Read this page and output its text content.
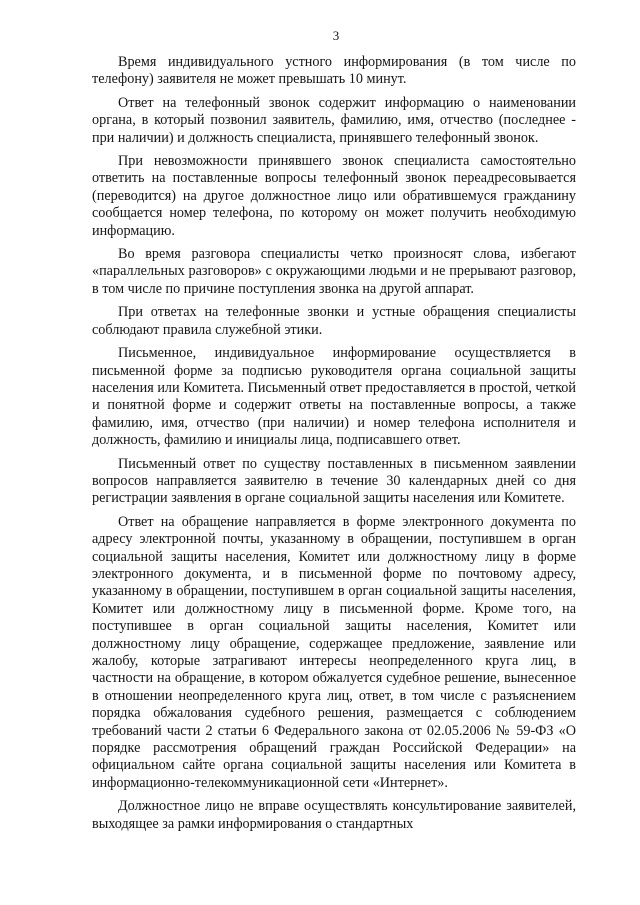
3

Время индивидуального устного информирования (в том числе по телефону) заявителя не может превышать 10 минут.

Ответ на телефонный звонок содержит информацию о наименовании органа, в который позвонил заявитель, фамилию, имя, отчество (последнее - при наличии) и должность специалиста, принявшего телефонный звонок.

При невозможности принявшего звонок специалиста самостоятельно ответить на поставленные вопросы телефонный звонок переадресовывается (переводится) на другое должностное лицо или обратившемуся гражданину сообщается номер телефона, по которому он может получить необходимую информацию.

Во время разговора специалисты четко произносят слова, избегают «параллельных разговоров» с окружающими людьми и не прерывают разговор, в том числе по причине поступления звонка на другой аппарат.

При ответах на телефонные звонки и устные обращения специалисты соблюдают правила служебной этики.

Письменное, индивидуальное информирование осуществляется в письменной форме за подписью руководителя органа социальной защиты населения или Комитета. Письменный ответ предоставляется в простой, четкой и понятной форме и содержит ответы на поставленные вопросы, а также фамилию, имя, отчество (при наличии) и номер телефона исполнителя и должность, фамилию и инициалы лица, подписавшего ответ.

Письменный ответ по существу поставленных в письменном заявлении вопросов направляется заявителю в течение 30 календарных дней со дня регистрации заявления в органе социальной защиты населения или Комитете.

Ответ на обращение направляется в форме электронного документа по адресу электронной почты, указанному в обращении, поступившем в орган социальной защиты населения, Комитет или должностному лицу в форме электронного документа, и в письменной форме по почтовому адресу, указанному в обращении, поступившем в орган социальной защиты населения, Комитет или должностному лицу в письменной форме. Кроме того, на поступившее в орган социальной защиты населения, Комитет или должностному лицу обращение, содержащее предложение, заявление или жалобу, которые затрагивают интересы неопределенного круга лиц, в частности на обращение, в котором обжалуется судебное решение, вынесенное в отношении неопределенного круга лиц, ответ, в том числе с разъяснением порядка обжалования судебного решения, размещается с соблюдением требований части 2 статьи 6 Федерального закона от 02.05.2006 № 59-ФЗ «О порядке рассмотрения обращений граждан Российской Федерации» на официальном сайте органа социальной защиты населения или Комитета в информационно-телекоммуникационной сети «Интернет».

Должностное лицо не вправе осуществлять консультирование заявителей, выходящее за рамки информирования о стандартных
